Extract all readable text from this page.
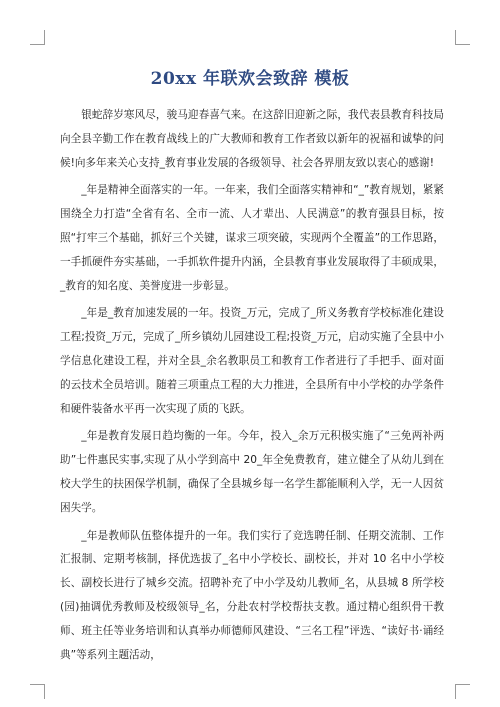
20xx 年联欢会致辞 模板

银蛇辞岁寒风尽，骏马迎春喜气来。在这辞旧迎新之际，我代表县教育科技局向全县辛勤工作在教育战线上的广大教师和教育工作者致以新年的祝福和诚挚的问候!向多年来关心支持_教育事业发展的各级领导、社会各界朋友致以衷心的感谢!

_年是精神全面落实的一年。一年来，我们全面落实精神和“_”教育规划，紧紧围绕全力打造“全省有名、全市一流、人才辈出、人民满意”的教育强县目标，按照“打牢三个基础，抓好三个关键，谋求三项突破，实现两个全覆盖”的工作思路，一手抓硬件夯实基础，一手抓软件提升内涵，全县教育事业发展取得了丰硕成果，_教育的知名度、美誉度进一步彰显。

_年是_教育加速发展的一年。投资_万元，完成了_所义务教育学校标准化建设工程;投资_万元，完成了_所乡镇幼儿园建设工程;投资_万元，启动实施了全县中小学信息化建设工程，并对全县_余名教职员工和教育工作者进行了手把手、面对面的云技术全员培训。随着三项重点工程的大力推进，全县所有中小学校的办学条件和硬件装备水平再一次实现了质的飞跃。

_年是教育发展日趋均衡的一年。今年，投入_余万元积极实施了“三免两补两助”七件惠民实事,实现了从小学到高中 20_年全免费教育，建立健全了从幼儿到在校大学生的扶困保学机制，确保了全县城乡每一名学生都能顺利入学，无一人因贫困失学。

_年是教师队伍整体提升的一年。我们实行了竞选聘任制、任期交流制、工作汇报制、定期考核制，择优选拔了_名中小学校长、副校长，并对 10 名中小学校长、副校长进行了城乡交流。招聘补充了中小学及幼儿教师_名，从县城 8 所学校(园)抽调优秀教师及校级领导_名，分赴农村学校帮扶支教。通过精心组织骨干教师、班主任等业务培训和认真举办师德师风建设、“三名工程”评选、“读好书·诵经典”等系列主题活动，
